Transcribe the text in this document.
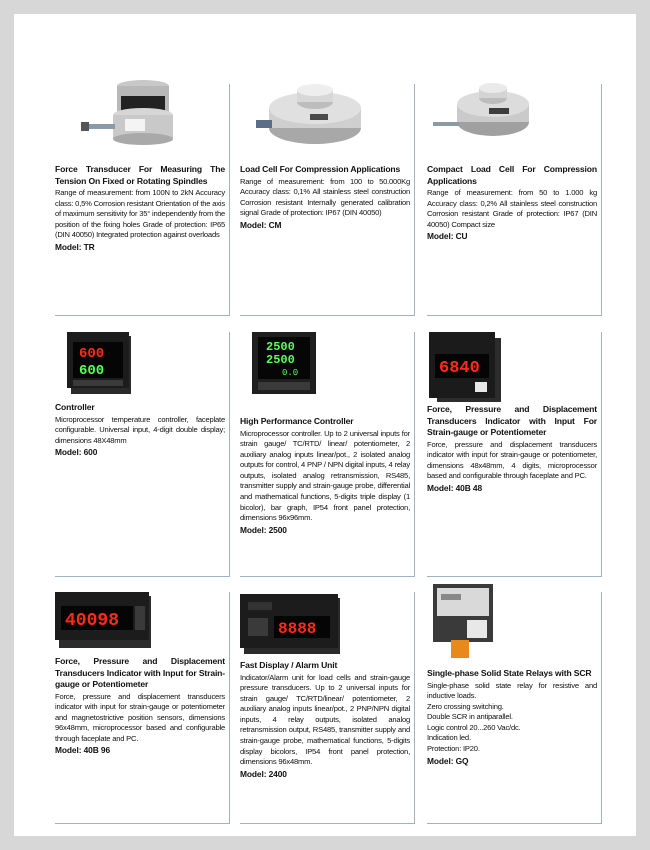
Force Transducer For Measuring The Tension On Fixed or Rotating Spindles
Range of measurement: from 100N to 2kN Accuracy class: 0,5% Corrosion resistant Orientation of the axis of maximum sensitivity for 35° independently from the position of the fixing holes Grade of protection: IP65 (DIN 40050) Integrated protection against overloads
Model: TR
Load Cell For Compression Applications
Range of measurement: from 100 to 50.000Kg Accuracy class: 0,1% All stainless steel construction Corrosion resistant Internally generated calibration signal Grade of protection: IP67 (DIN 40050)
Model: CM
Compact Load Cell For Compression Applications
Range of measurement: from 50 to 1.000 kg Accuracy class: 0,2% All stainless steel construction Corrosion resistant Grade of protection: IP67 (DIN 40050) Compact size
Model: CU
600
600
Controller
Microprocessor temperature controller, faceplate configurable. Universal input, 4-digit double display; dimensions 48X48mm
Model: 600
2500
2500
0.0
High Performance Controller
Microprocessor controller. Up to 2 universal inputs for strain gauge/ TC/RTD/ linear/ potentiometer, 2 auxiliary analog inputs linear/pot., 2 isolated analog outputs for control, 4 PNP / NPN digital inputs, 4 relay outputs, isolated analog retransmission, RS485, transmitter supply and strain-gauge probe, differential and mathematical functions, 5-digits triple display (1 bicolor), bar graph, IP54 front panel protection, dimensions 96x96mm.
Model: 2500
6840
Force, Pressure and Displacement Transducers Indicator with Input For Strain-gauge or Potentiometer
Force, pressure and displacement transducers indicator with input for strain-gauge or potentiometer, dimensions 48x48mm, 4 digits, microprocessor based and configurable through faceplate and PC.
Model: 40B 48
40098
Force, Pressure and Displacement Transducers Indicator with Input for Strain-gauge or Potentiometer
Force, pressure and displacement transducers indicator with input for strain-gauge or potentiometer and magnetostrictive position sensors, dimensions 96x48mm, microprocessor based and configurable through faceplate and PC.
Model: 40B 96
8888
Fast Display / Alarm Unit
Indicator/Alarm unit for load cells and strain-gauge pressure transducers. Up to 2 universal inputs for strain gauge/ TC/RTD/linear/ potentiometer, 2 auxiliary analog inputs linear/pot., 2 PNP/NPN digital inputs, 4 relay outputs, isolated analog retransmission output, RS485, transmitter supply and strain-gauge probe, mathematical functions, 5-digits display bicolors, IP54 front panel protection, dimensions 96x48mm.
Model: 2400
Single-phase Solid State Relays with SCR
Single-phase solid state relay for resistive and inductive loads.
Zero crossing switching.
Double SCR in antiparallel.
Logic control 20...260 Vac/dc.
Indication led.
Protection: IP20.
Model: GQ
